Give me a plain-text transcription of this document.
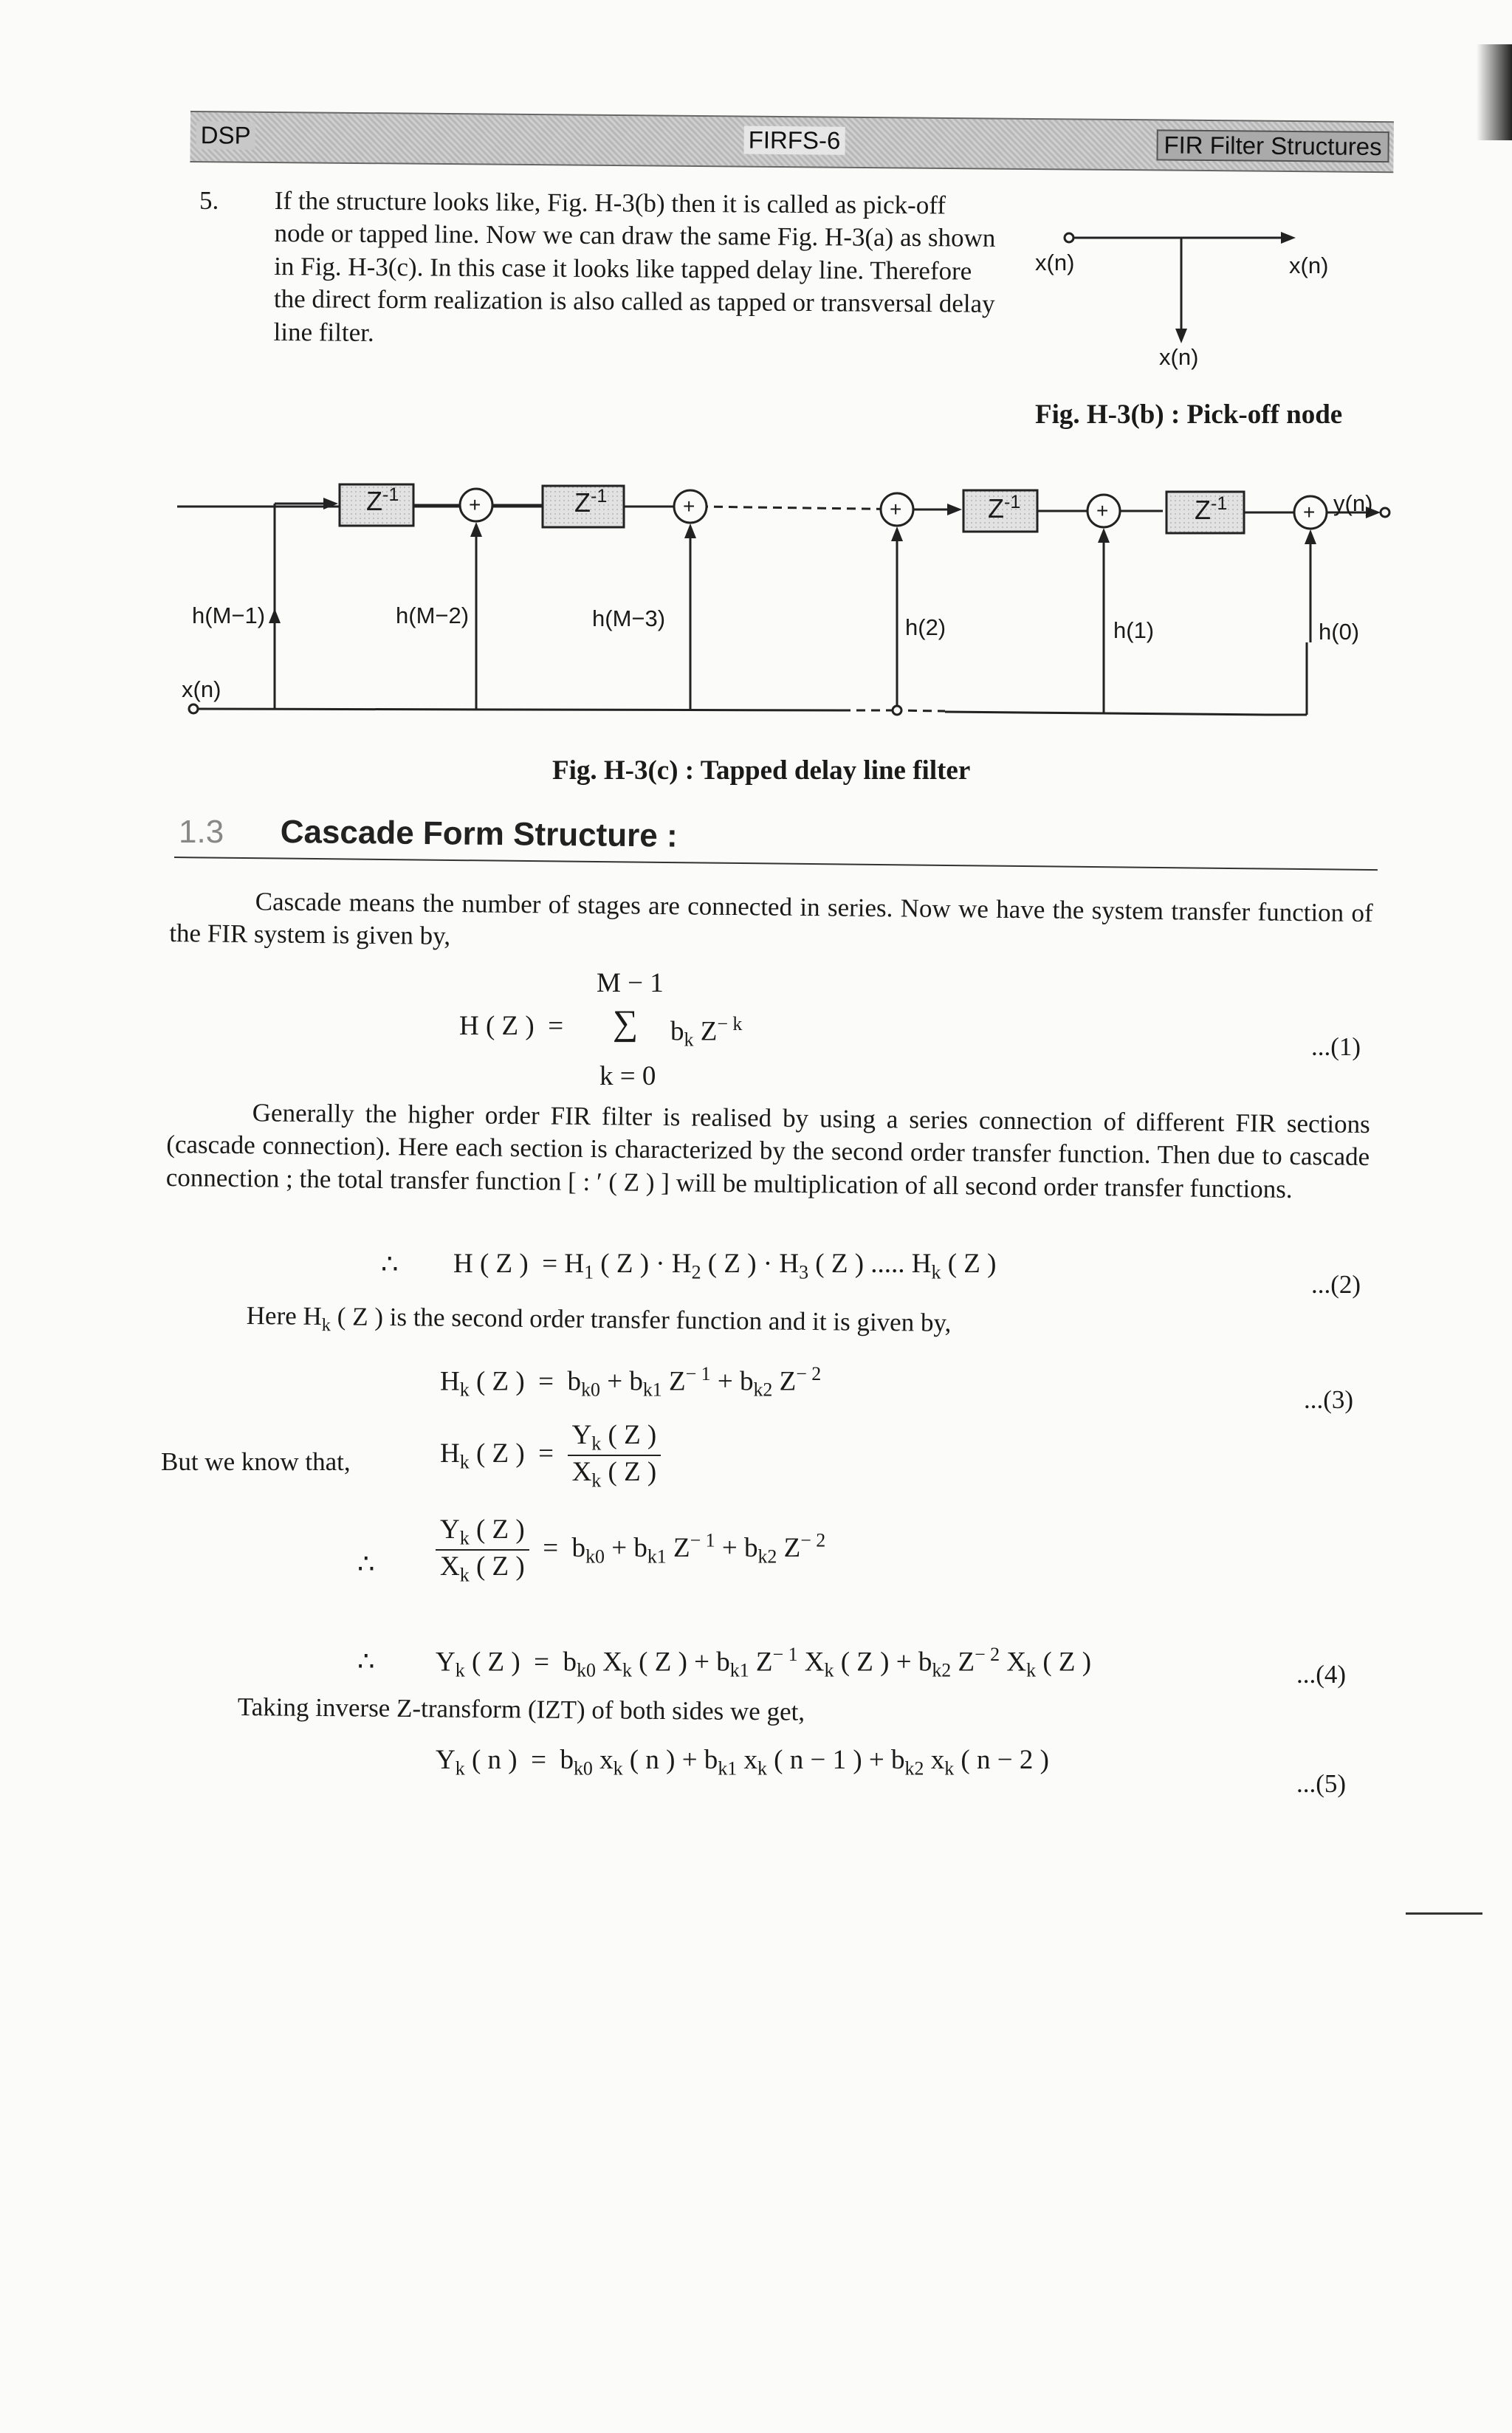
DSP	FIRFS-6	FIR Filter Structures
5. If the structure looks like, Fig. H-3(b) then it is called as pick-off node or tapped line. Now we can draw the same Fig. H-3(a) as shown in Fig. H-3(c). In this case it looks like tapped delay line. Therefore the direct form realization is also called as tapped or transversal delay line filter.
x(n)	x(n)
x(n)
Fig. H-3(b) : Pick-off node
$Z^{-1}$	$Z^{-1}$	$Z^{-1}$	$Z^{-1}$
+	+	+	+	+
h(M−1)	h(M−2)	h(M−3)	h(2)	h(1)	h(0)
x(n)
y(n)
Fig. H-3(c) : Tapped delay line filter
1.3 Cascade Form Structure :
Cascade means the number of stages are connected in series. Now we have the system transfer function of the FIR system is given by,
M − 1
H ( Z ) = ∑ $b_k$ $Z^{- k}$
k = 0
...(1)
Generally the higher order FIR filter is realised by using a series connection of different FIR sections (cascade connection). Here each section is characterized by the second order transfer function. Then due to cascade connection ; the total transfer function [ : ′ ( Z ) ] will be multiplication of all second order transfer functions.
∴ H ( Z )  = $H_1$ ( Z ) · $H_2$ ( Z ) · $H_3$ ( Z ) ..... $H_k$ ( Z )
...(2)
Here $H_k$ ( Z ) is the second order transfer function and it is given by,
$H_k$ ( Z )  =  $b_{k0} + b_{k1}$ $Z^{- 1} + b_{k2}$ $Z^{- 2}$
...(3)
But we know that,	$H_k$ ( Z )  = $\frac{Y_k ( Z )}{X_k ( Z )}$
∴ $\frac{Y_k ( Z )}{X_k ( Z )} = b_{k0} + b_{k1}$ $Z^{- 1} + b_{k2}$ $Z^{- 2}$
∴ $Y_k$ ( Z )  =  $b_{k0}$ $X_k$ ( Z ) + $b_{k1}$ $Z^{- 1}$ $X_k$ ( Z ) + $b_{k2}$ $Z^{- 2}$ $X_k$ ( Z )	...(4)
Taking inverse Z-transform (IZT) of both sides we get,
$Y_k$ ( n )  =  $b_{k0}$ $x_k$ ( n ) + $b_{k1}$ $x_k$ ( n − 1 ) + $b_{k2}$ $x_k$ ( n − 2 )
...(5)
